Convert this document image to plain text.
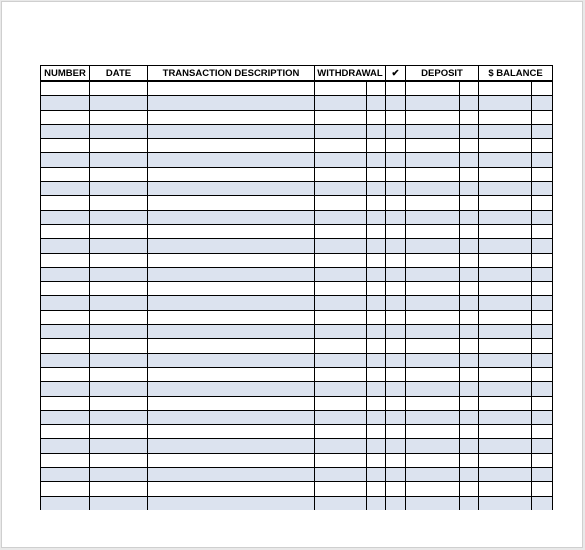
NUMBER	DATE	TRANSACTION DESCRIPTION	WITHDRAWAL		✔	DEPOSIT		$ BALANCE	
